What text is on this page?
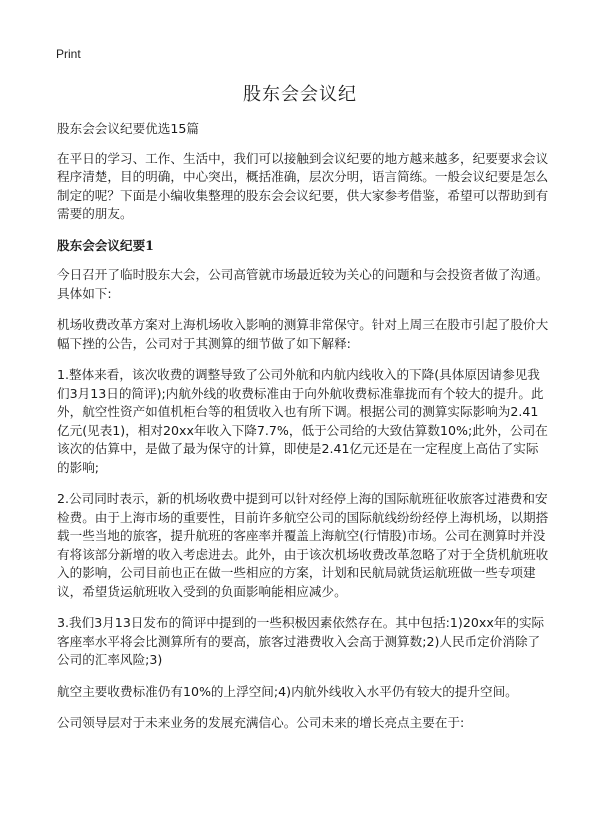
Print
股东会会议纪

股东会会议纪要优选15篇

在平日的学习、工作、生活中，我们可以接触到会议纪要的地方越来越多，纪要要求会议程序清楚，目的明确，中心突出，概括准确，层次分明，语言简练。一般会议纪要是怎么制定的呢？下面是小编收集整理的股东会会议纪要，供大家参考借鉴，希望可以帮助到有需要的朋友。

股东会会议纪要1

今日召开了临时股东大会，公司高管就市场最近较为关心的问题和与会投资者做了沟通。具体如下:

机场收费改革方案对上海机场收入影响的测算非常保守。针对上周三在股市引起了股价大幅下挫的公告，公司对于其测算的细节做了如下解释:

1.整体来看，该次收费的调整导致了公司外航和内航内线收入的下降(具体原因请参见我们3月13日的简评);内航外线的收费标准由于向外航收费标准靠拢而有个较大的提升。此外，航空性资产如值机柜台等的租赁收入也有所下调。根据公司的测算实际影响为2.41亿元(见表1)，相对20xx年收入下降7.7%，低于公司给的大致估算数10%;此外，公司在该次的估算中，是做了最为保守的计算，即使是2.41亿元还是在一定程度上高估了实际的影响;

2.公司同时表示，新的机场收费中提到可以针对经停上海的国际航班征收旅客过港费和安检费。由于上海市场的重要性，目前许多航空公司的国际航线纷纷经停上海机场，以期搭载一些当地的旅客，提升航班的客座率并覆盖上海航空(行情股)市场。公司在测算时并没有将该部分新增的收入考虑进去。此外，由于该次机场收费改革忽略了对于全货机航班收入的影响，公司目前也正在做一些相应的方案，计划和民航局就货运航班做一些专项建议，希望货运航班收入受到的负面影响能相应减少。

3.我们3月13日发布的简评中提到的一些积极因素依然存在。其中包括:1)20xx年的实际客座率水平将会比测算所有的要高，旅客过港费收入会高于测算数;2)人民币定价消除了公司的汇率风险;3)

航空主要收费标准仍有10%的上浮空间;4)内航外线收入水平仍有较大的提升空间。

公司领导层对于未来业务的发展充满信心。公司未来的增长亮点主要在于:
